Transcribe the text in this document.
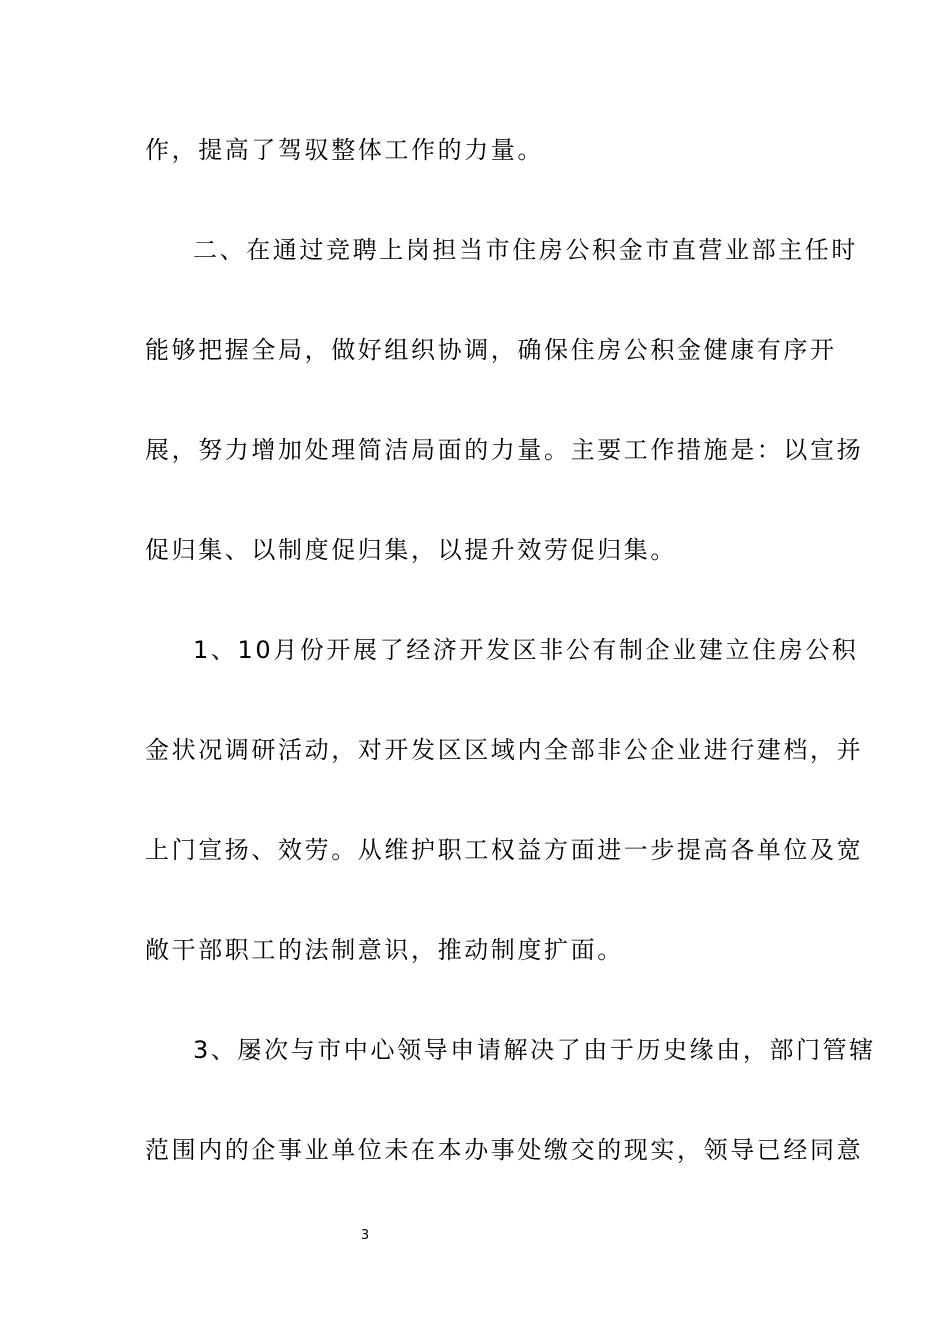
作，提高了驾驭整体工作的力量。
二、在通过竞聘上岗担当市住房公积金市直营业部主任时
能够把握全局，做好组织协调，确保住房公积金健康有序开
展，努力增加处理简洁局面的力量。主要工作措施是：以宣扬
促归集、以制度促归集，以提升效劳促归集。
1、10月份开展了经济开发区非公有制企业建立住房公积
金状况调研活动，对开发区区域内全部非公企业进行建档，并
上门宣扬、效劳。从维护职工权益方面进一步提高各单位及宽
敞干部职工的法制意识，推动制度扩面。
3、屡次与市中心领导申请解决了由于历史缘由，部门管辖
范围内的企事业单位未在本办事处缴交的现实，领导已经同意
3
